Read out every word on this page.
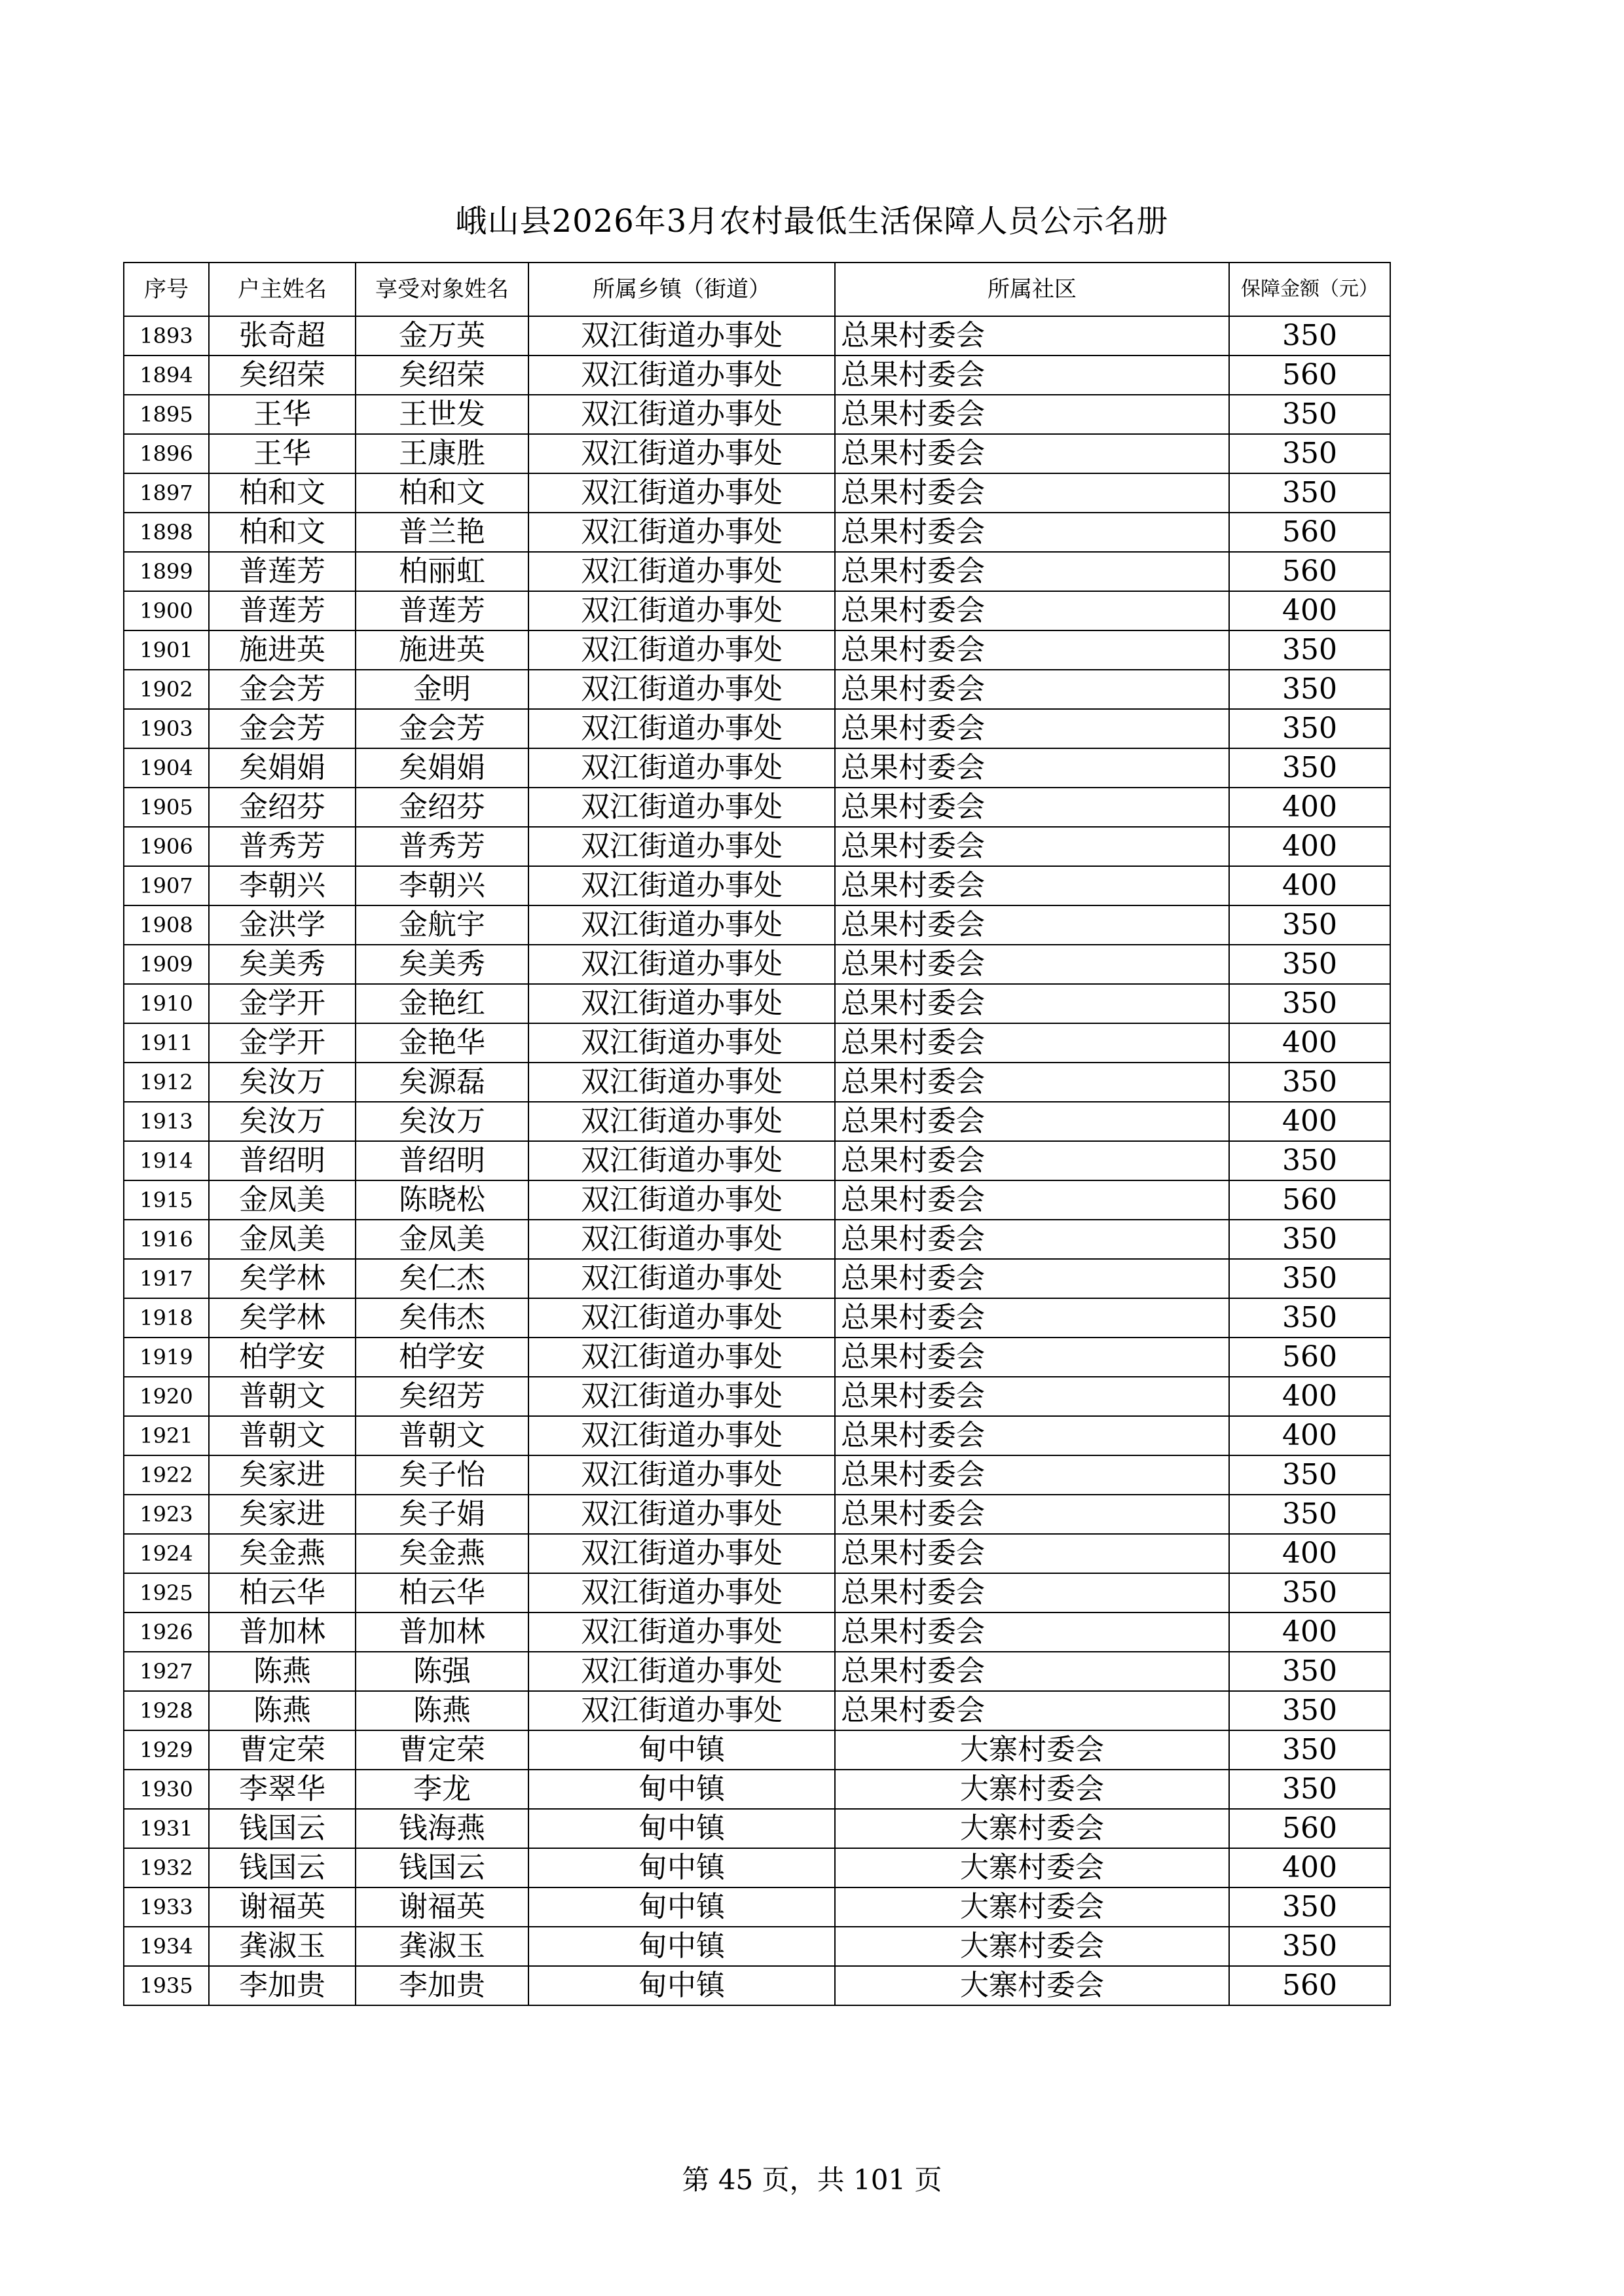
峨山县2026年3月农村最低生活保障人员公示名册
序号	户主姓名	享受对象姓名	所属乡镇（街道）	所属社区	保障金额（元）
1893	张奇超	金万英	双江街道办事处	总果村委会	350
1894	矣绍荣	矣绍荣	双江街道办事处	总果村委会	560
1895	王华	王世发	双江街道办事处	总果村委会	350
1896	王华	王康胜	双江街道办事处	总果村委会	350
1897	柏和文	柏和文	双江街道办事处	总果村委会	350
1898	柏和文	普兰艳	双江街道办事处	总果村委会	560
1899	普莲芳	柏丽虹	双江街道办事处	总果村委会	560
1900	普莲芳	普莲芳	双江街道办事处	总果村委会	400
1901	施进英	施进英	双江街道办事处	总果村委会	350
1902	金会芳	金明	双江街道办事处	总果村委会	350
1903	金会芳	金会芳	双江街道办事处	总果村委会	350
1904	矣娟娟	矣娟娟	双江街道办事处	总果村委会	350
1905	金绍芬	金绍芬	双江街道办事处	总果村委会	400
1906	普秀芳	普秀芳	双江街道办事处	总果村委会	400
1907	李朝兴	李朝兴	双江街道办事处	总果村委会	400
1908	金洪学	金航宇	双江街道办事处	总果村委会	350
1909	矣美秀	矣美秀	双江街道办事处	总果村委会	350
1910	金学开	金艳红	双江街道办事处	总果村委会	350
1911	金学开	金艳华	双江街道办事处	总果村委会	400
1912	矣汝万	矣源磊	双江街道办事处	总果村委会	350
1913	矣汝万	矣汝万	双江街道办事处	总果村委会	400
1914	普绍明	普绍明	双江街道办事处	总果村委会	350
1915	金凤美	陈晓松	双江街道办事处	总果村委会	560
1916	金凤美	金凤美	双江街道办事处	总果村委会	350
1917	矣学林	矣仁杰	双江街道办事处	总果村委会	350
1918	矣学林	矣伟杰	双江街道办事处	总果村委会	350
1919	柏学安	柏学安	双江街道办事处	总果村委会	560
1920	普朝文	矣绍芳	双江街道办事处	总果村委会	400
1921	普朝文	普朝文	双江街道办事处	总果村委会	400
1922	矣家进	矣子怡	双江街道办事处	总果村委会	350
1923	矣家进	矣子娟	双江街道办事处	总果村委会	350
1924	矣金燕	矣金燕	双江街道办事处	总果村委会	400
1925	柏云华	柏云华	双江街道办事处	总果村委会	350
1926	普加林	普加林	双江街道办事处	总果村委会	400
1927	陈燕	陈强	双江街道办事处	总果村委会	350
1928	陈燕	陈燕	双江街道办事处	总果村委会	350
1929	曹定荣	曹定荣	甸中镇	大寨村委会	350
1930	李翠华	李龙	甸中镇	大寨村委会	350
1931	钱国云	钱海燕	甸中镇	大寨村委会	560
1932	钱国云	钱国云	甸中镇	大寨村委会	400
1933	谢福英	谢福英	甸中镇	大寨村委会	350
1934	龚淑玉	龚淑玉	甸中镇	大寨村委会	350
1935	李加贵	李加贵	甸中镇	大寨村委会	560
第 45 页，共 101 页
